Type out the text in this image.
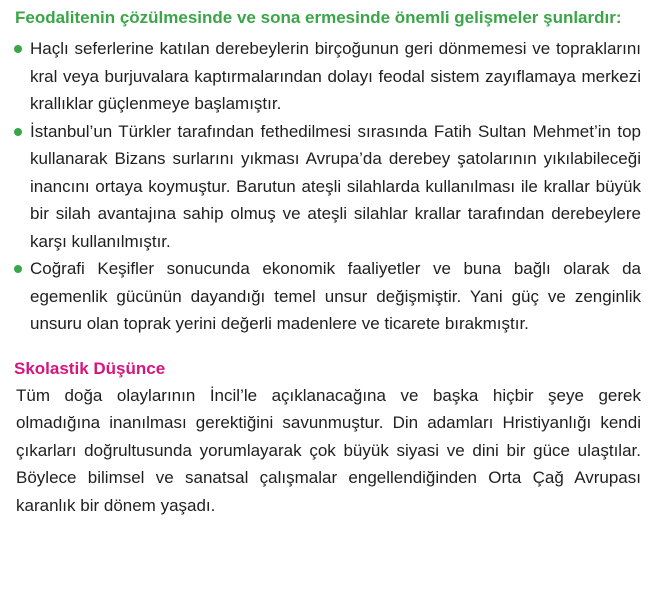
Feodalitenin çözülmesinde ve sona ermesinde önemli gelişmeler şunlardır:
Haçlı seferlerine katılan derebeylerin birçoğunun geri dönmemesi ve topraklarını kral veya burjuvalara kaptırmalarından dolayı feodal sistem zayıflamaya merkezi krallıklar güçlenmeye başlamıştır.
İstanbul’un Türkler tarafından fethedilmesi sırasında Fatih Sultan Mehmet’in top kullanarak Bizans surlarını yıkması Avrupa’da derebey şatolarının yıkılabileceği inancını ortaya koymuştur. Barutun ateşli silahlarda kullanılması ile krallar büyük bir silah avantajına sahip olmuş ve ateşli silahlar krallar tarafından derebeylere karşı kullanılmıştır.
Coğrafi Keşifler sonucunda ekonomik faaliyetler ve buna bağlı olarak da egemenlik gücünün dayandığı temel unsur değişmiştir. Yani güç ve zenginlik unsuru olan toprak yerini değerli madenlere ve ticarete bırakmıştır.
Skolastik Düşünce

Tüm doğa olaylarının İncil’le açıklanacağına ve başka hiçbir şeye gerek olmadığına inanılması gerektiğini savunmuştur. Din adamları Hristiyanlığı kendi çıkarları doğrultusunda yorumlayarak çok büyük siyasi ve dini bir güce ulaştılar. Böylece bilimsel ve sanatsal çalışmalar engellendiğinden Orta Çağ Avrupası karanlık bir dönem yaşadı.
